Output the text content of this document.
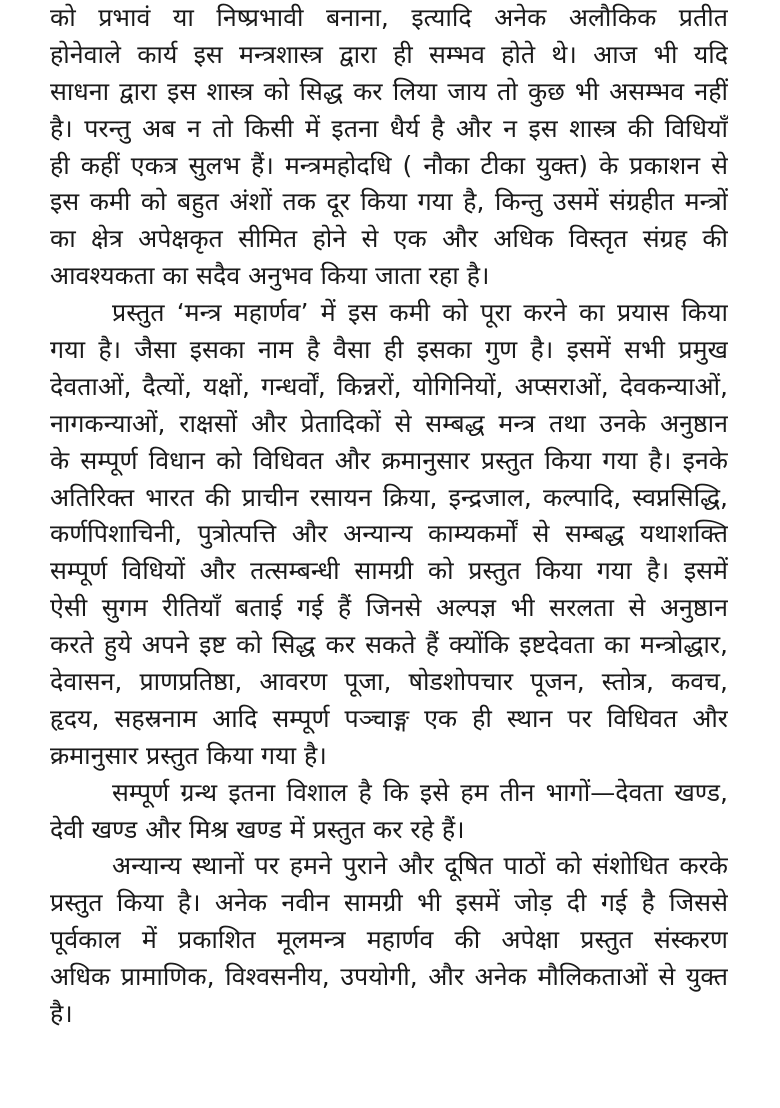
को प्रभावं या निष्प्रभावी बनाना, इत्यादि अनेक अलौकिक प्रतीत
होनेवाले कार्य इस मन्त्रशास्त्र द्वारा ही सम्भव होते थे। आज भी यदि
साधना द्वारा इस शास्त्र को सिद्ध कर लिया जाय तो कुछ भी असम्भव नहीं
है। परन्तु अब न तो किसी में इतना धैर्य है और न इस शास्त्र की विधियाँ
ही कहीं एकत्र सुलभ हैं। मन्त्रमहोदधि ( नौका टीका युक्त) के प्रकाशन से
इस कमी को बहुत अंशों तक दूर किया गया है, किन्तु उसमें संग्रहीत मन्त्रों
का क्षेत्र अपेक्षकृत सीमित होने से एक और अधिक विस्तृत संग्रह की
आवश्यकता का सदैव अनुभव किया जाता रहा है।
प्रस्तुत ‘मन्त्र महार्णव’ में इस कमी को पूरा करने का प्रयास किया
गया है। जैसा इसका नाम है वैसा ही इसका गुण है। इसमें सभी प्रमुख
देवताओं, दैत्यों, यक्षों, गन्धर्वों, किन्नरों, योगिनियों, अप्सराओं, देवकन्याओं,
नागकन्याओं, राक्षसों और प्रेतादिकों से सम्बद्ध मन्त्र तथा उनके अनुष्ठान
के सम्पूर्ण विधान को विधिवत और क्रमानुसार प्रस्तुत किया गया है। इनके
अतिरिक्त भारत की प्राचीन रसायन क्रिया, इन्द्रजाल, कल्पादि, स्वप्नसिद्धि,
कर्णपिशाचिनी, पुत्रोत्पत्ति और अन्यान्य काम्यकर्मों से सम्बद्ध यथाशक्ति
सम्पूर्ण विधियों और तत्सम्बन्धी सामग्री को प्रस्तुत किया गया है। इसमें
ऐसी सुगम रीतियाँ बताई गई हैं जिनसे अल्पज्ञ भी सरलता से अनुष्ठान
करते हुये अपने इष्ट को सिद्ध कर सकते हैं क्योंकि इष्टदेवता का मन्त्रोद्धार,
देवासन, प्राणप्रतिष्ठा, आवरण पूजा, षोडशोपचार पूजन, स्तोत्र, कवच,
हृदय, सहस्रनाम आदि सम्पूर्ण पञ्चाङ्ग एक ही स्थान पर विधिवत और
क्रमानुसार प्रस्तुत किया गया है।
सम्पूर्ण ग्रन्थ इतना विशाल है कि इसे हम तीन भागों—देवता खण्ड,
देवी खण्ड और मिश्र खण्ड में प्रस्तुत कर रहे हैं।
अन्यान्य स्थानों पर हमने पुराने और दूषित पाठों को संशोधित करके
प्रस्तुत किया है। अनेक नवीन सामग्री भी इसमें जोड़ दी गई है जिससे
पूर्वकाल में प्रकाशित मूलमन्त्र महार्णव की अपेक्षा प्रस्तुत संस्करण
अधिक प्रामाणिक, विश्वसनीय, उपयोगी, और अनेक मौलिकताओं से युक्त
है।
